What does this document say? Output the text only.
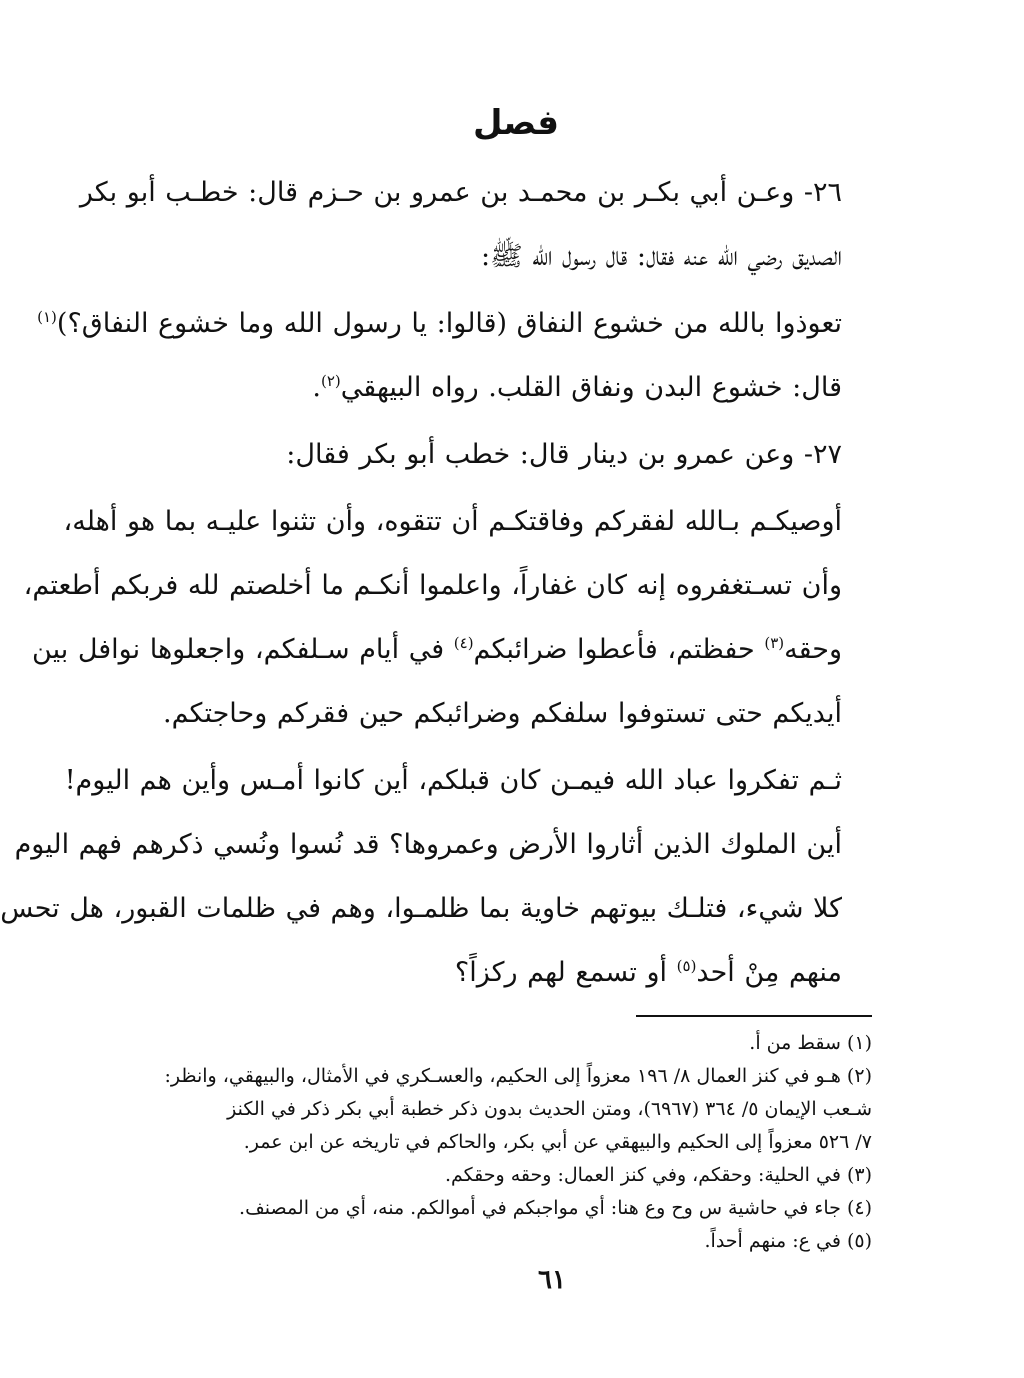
فصل
٢٦- وعـن أبي بكـر بن محمـد بن عمرو بن حـزم قال: خطـب أبو بكر
الصديق رضي الله عنه فقال: قال رسول الله ﷺ:
تعوذوا بالله من خشوع النفاق (قالوا: يا رسول الله وما خشوع النفاق؟)$^{(١)}$
قال: خشوع البدن ونفاق القلب. رواه البيهقي$^{(٢)}$.
٢٧- وعن عمرو بن دينار قال: خطب أبو بكر فقال:
أوصيكـم بـالله لفقركم وفاقتكـم أن تتقوه، وأن تثنوا عليـه بما هو أهله،
وأن تسـتغفروه إنه كان غفاراً، واعلموا أنكـم ما أخلصتم لله فربكم أطعتم،
وحقه$^{(٣)}$ حفظتم، فأعطوا ضرائبكم$^{(٤)}$ في أيام سـلفكم، واجعلوها نوافل بين
أيديكم حتى تستوفوا سلفكم وضرائبكم حين فقركم وحاجتكم.
ثـم تفكروا عباد الله فيمـن كان قبلكم، أين كانوا أمـس وأين هم اليوم!
أين الملوك الذين أثاروا الأرض وعمروها؟ قد نُسوا ونُسي ذكرهم فهم اليوم
كلا شيء، فتلـك بيوتهم خاوية بما ظلمـوا، وهم في ظلمات القبور، هل تحس
منهم مِنْ أحد$^{(٥)}$ أو تسمع لهم ركزاً؟
(١) سقط من أ.
(٢) هـو في كنز العمال ٨/ ١٩٦ معزواً إلى الحكيم، والعسـكري في الأمثال، والبيهقي، وانظر:
شـعب الإيمان ٥/ ٣٦٤ (٦٩٦٧)، ومتن الحديث بدون ذكر خطبة أبي بكر ذكر في الكنز
٧/ ٥٢٦ معزواً إلى الحكيم والبيهقي عن أبي بكر، والحاكم في تاريخه عن ابن عمر.
(٣) في الحلية: وحقكم، وفي كنز العمال: وحقه وحقكم.
(٤) جاء في حاشية س وح وع هنا: أي مواجبكم في أموالكم. منه، أي من المصنف.
(٥) في ع: منهم أحداً.
٦١
